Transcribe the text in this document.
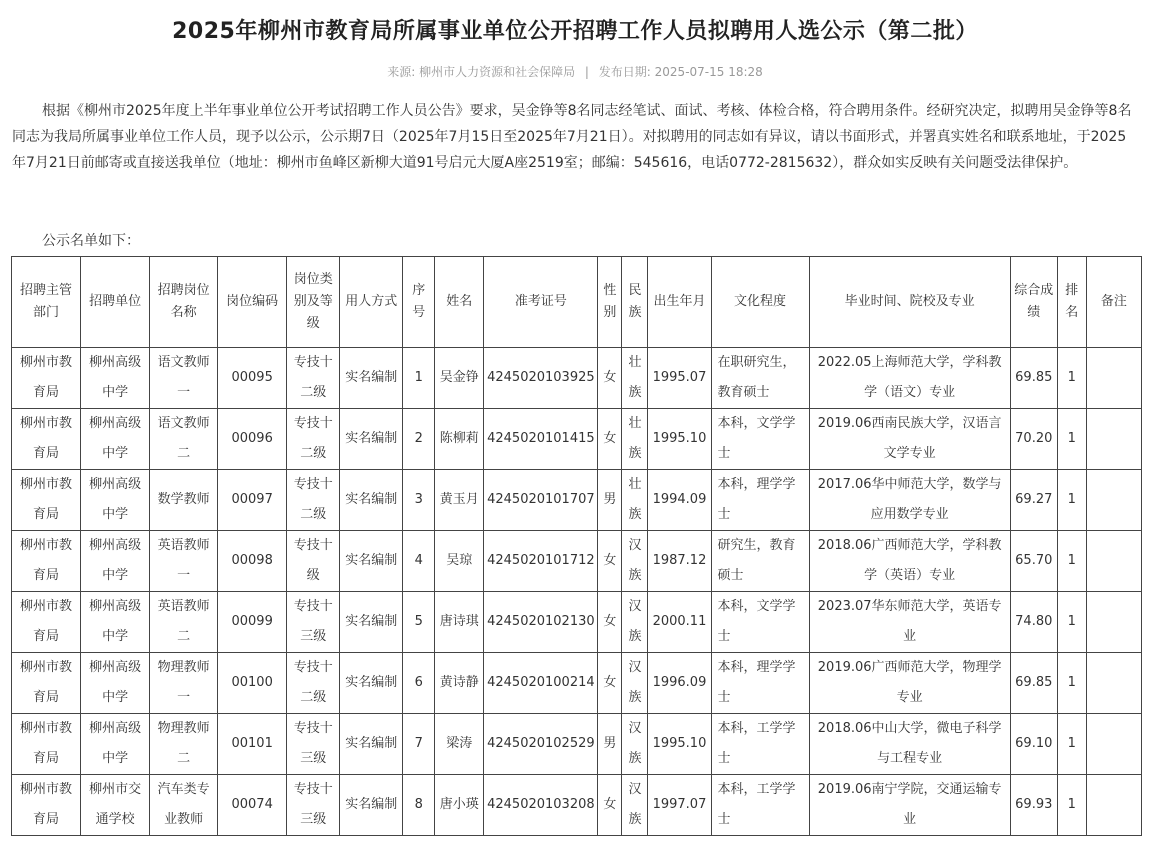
2025年柳州市教育局所属事业单位公开招聘工作人员拟聘用人选公示（第二批）
来源: 柳州市人力资源和社会保障局 | 发布日期: 2025-07-15 18:28

根据《柳州市2025年度上半年事业单位公开考试招聘工作人员公告》要求，吴金铮等8名同志经笔试、面试、考核、体检合格，符合聘用条件。经研究决定，拟聘用吴金铮等8名同志为我局所属事业单位工作人员，现予以公示，公示期7日（2025年7月15日至2025年7月21日）。对拟聘用的同志如有异议，请以书面形式，并署真实姓名和联系地址，于2025年7月21日前邮寄或直接送我单位（地址：柳州市鱼峰区新柳大道91号启元大厦A座2519室；邮编：545616，电话0772-2815632），群众如实反映有关问题受法律保护。

公示名单如下：
招聘主管部门	招聘单位	招聘岗位名称	岗位编码	岗位类别及等级	用人方式	序号	姓名	准考证号	性别	民族	出生年月	文化程度	毕业时间、院校及专业	综合成绩	排名	备注
柳州市教育局	柳州高级中学	语文教师一	00095	专技十二级	实名编制	1	吴金铮	4245020103925	女	壮族	1995.07	在职研究生，教育硕士	2022.05上海师范大学，学科教学（语文）专业	69.85	1	
柳州市教育局	柳州高级中学	语文教师二	00096	专技十二级	实名编制	2	陈柳莉	4245020101415	女	壮族	1995.10	本科，文学学士	2019.06西南民族大学，汉语言文学专业	70.20	1	
柳州市教育局	柳州高级中学	数学教师	00097	专技十二级	实名编制	3	黄玉月	4245020101707	男	壮族	1994.09	本科，理学学士	2017.06华中师范大学，数学与应用数学专业	69.27	1	
柳州市教育局	柳州高级中学	英语教师一	00098	专技十级	实名编制	4	吴琼	4245020101712	女	汉族	1987.12	研究生，教育硕士	2018.06广西师范大学，学科教学（英语）专业	65.70	1	
柳州市教育局	柳州高级中学	英语教师二	00099	专技十三级	实名编制	5	唐诗琪	4245020102130	女	汉族	2000.11	本科，文学学士	2023.07华东师范大学，英语专业	74.80	1	
柳州市教育局	柳州高级中学	物理教师一	00100	专技十二级	实名编制	6	黄诗静	4245020100214	女	汉族	1996.09	本科，理学学士	2019.06广西师范大学，物理学专业	69.85	1	
柳州市教育局	柳州高级中学	物理教师二	00101	专技十三级	实名编制	7	梁涛	4245020102529	男	汉族	1995.10	本科，工学学士	2018.06中山大学，微电子科学与工程专业	69.10	1	
柳州市教育局	柳州市交通学校	汽车类专业教师	00074	专技十三级	实名编制	8	唐小瑛	4245020103208	女	汉族	1997.07	本科，工学学士	2019.06南宁学院，交通运输专业	69.93	1	
